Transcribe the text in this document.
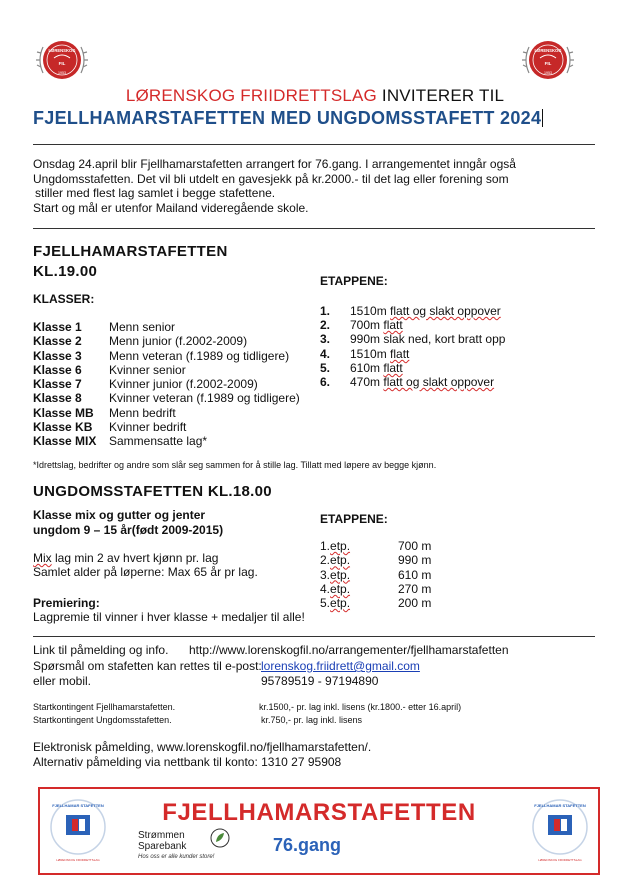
LØRENSKOG
FIL
1953
LØRENSKOG
FIL
1953
LØRENSKOG FRIIDRETTSLAG INVITERER TIL
FJELLHAMARSTAFETTEN MED UNGDOMSSTAFETT 2024
Onsdag 24.april blir Fjellhamarstafetten arrangert for 76.gang. I arrangementet inngår også
Ungdomsstafetten. Det vil bli utdelt en gavesjekk på kr.2000.- til det lag eller forening som
stiller med flest lag samlet i begge stafettene.
Start og mål er utenfor Mailand videregående skole.
FJELLHAMARSTAFETTEN
KL.19.00
KLASSER:
Klasse 1	Menn senior
Klasse 2	Menn junior (f.2002-2009)
Klasse 3	Menn veteran (f.1989 og tidligere)
Klasse 6	Kvinner senior
Klasse 7	Kvinner junior (f.2002-2009)
Klasse 8	Kvinner veteran (f.1989 og tidligere)
Klasse MB	Menn bedrift
Klasse KB	Kvinner bedrift
Klasse MIX	Sammensatte lag*
ETAPPENE:
1.	1510m flatt og slakt oppover
2.	700m flatt
3.	990m slak ned, kort bratt opp
4.	1510m flatt
5.	610m flatt
6.	470m flatt og slakt oppover
*Idrettslag, bedrifter og andre som slår seg sammen for å stille lag. Tillatt med løpere av begge kjønn.
UNGDOMSSTAFETTEN KL.18.00
Klasse mix og gutter og jenter
ungdom 9 – 15 år(født 2009-2015)
Mix lag min 2 av hvert kjønn pr. lag
Samlet alder på løperne: Max 65 år pr lag.
Premiering:
Lagpremie til vinner i hver klasse + medaljer til alle!
ETAPPENE:
1.etp.	700 m
2.etp.	990 m
3.etp.	610 m
4.etp.	270 m
5.etp.	200 m
Link til påmelding og info. http://www.lorenskogfil.no/arrangementer/fjellhamarstafetten
Spørsmål om stafetten kan rettes til e-post: lorenskog.friidrett@gmail.com
eller mobil.	95789519 - 97194890
Startkontingent Fjellhamarstafetten.	kr.1500,- pr. lag inkl. lisens (kr.1800.- etter 16.april)
Startkontingent Ungdomsstafetten.	kr.750,- pr. lag inkl. lisens
Elektronisk påmelding, www.lorenskogfil.no/fjellhamarstafetten/.
Alternativ påmelding via nettbank til konto: 1310 27 95908
FJELLHAMAR STAFETTEN
LØRENSKOG FRIIDRETTSLAG
FJELLHAMARSTAFETTEN
Strømmen
Sparebank
Hos oss er alle kunder store!
76.gang
FJELLHAMAR STAFETTEN
LØRENSKOG FRIIDRETTSLAG
